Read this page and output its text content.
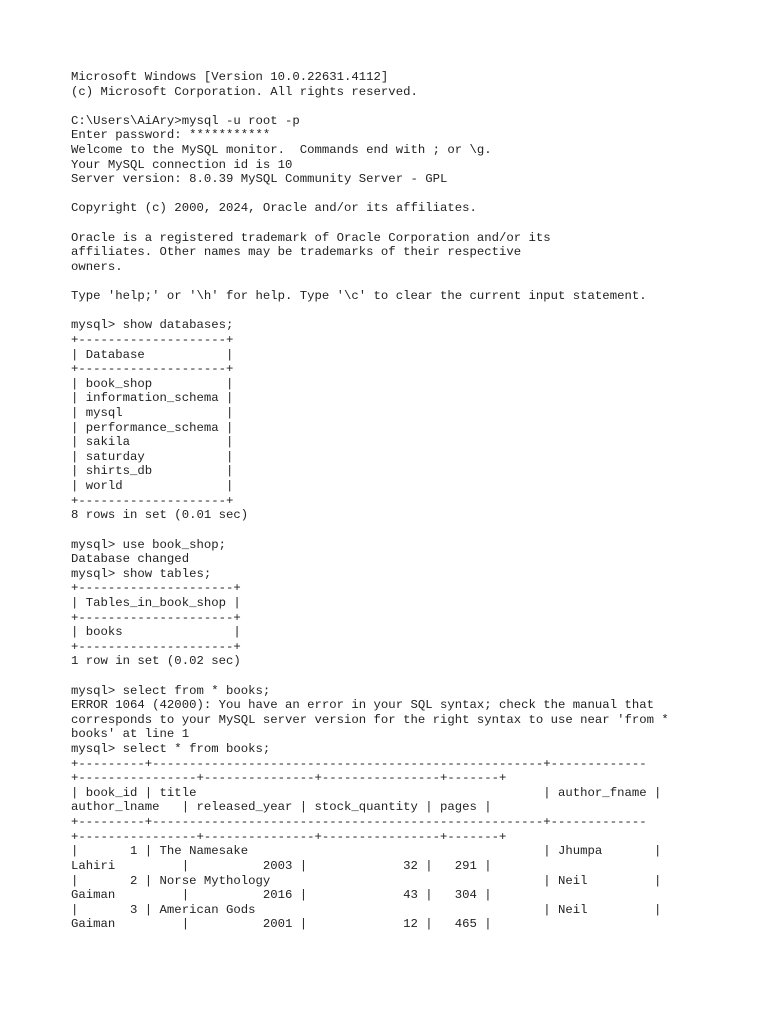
Microsoft Windows [Version 10.0.22631.4112]
(c) Microsoft Corporation. All rights reserved.
C:\Users\AiAry>mysql -u root -p
Enter password: ***********
Welcome to the MySQL monitor.  Commands end with ; or \g.
Your MySQL connection id is 10
Server version: 8.0.39 MySQL Community Server - GPL
Copyright (c) 2000, 2024, Oracle and/or its affiliates.
Oracle is a registered trademark of Oracle Corporation and/or its
affiliates. Other names may be trademarks of their respective
owners.
Type 'help;' or '\h' for help. Type '\c' to clear the current input statement.
mysql> show databases;
+--------------------+
| Database           |
+--------------------+
| book_shop          |
| information_schema |
| mysql              |
| performance_schema |
| sakila             |
| saturday           |
| shirts_db          |
| world              |
+--------------------+
8 rows in set (0.01 sec)
mysql> use book_shop;
Database changed
mysql> show tables;
+---------------------+
| Tables_in_book_shop |
+---------------------+
| books               |
+---------------------+
1 row in set (0.02 sec)
mysql> select from * books;
ERROR 1064 (42000): You have an error in your SQL syntax; check the manual that
corresponds to your MySQL server version for the right syntax to use near 'from *
books' at line 1
mysql> select * from books;
+---------+-----------------------------------------------------+-------------
+----------------+---------------+----------------+-------+
| book_id | title                                               | author_fname |
author_lname   | released_year | stock_quantity | pages |
+---------+-----------------------------------------------------+-------------
+----------------+---------------+----------------+-------+
|       1 | The Namesake                                        | Jhumpa       |
Lahiri         |          2003 |             32 |   291 |
|       2 | Norse Mythology                                     | Neil         |
Gaiman         |          2016 |             43 |   304 |
|       3 | American Gods                                       | Neil         |
Gaiman         |          2001 |             12 |   465 |
